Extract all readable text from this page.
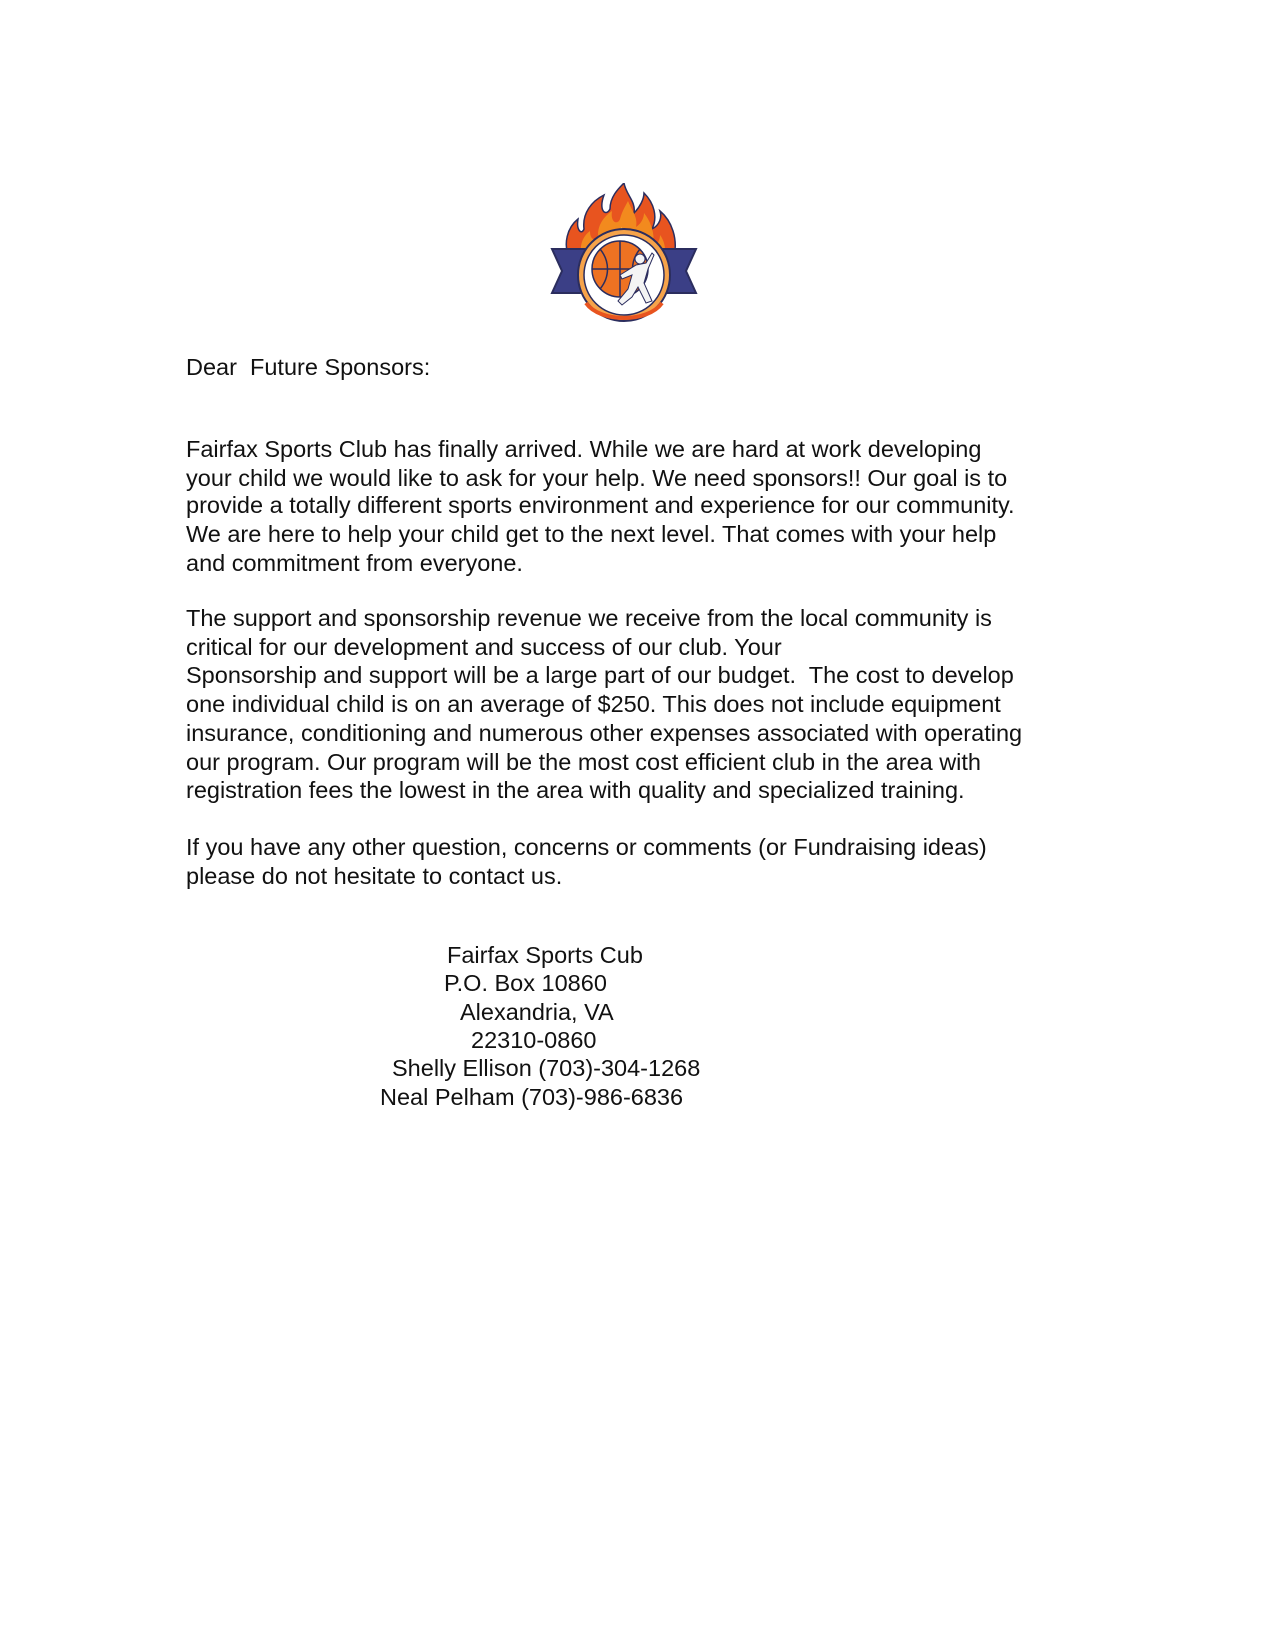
Dear  Future Sponsors:

Fairfax Sports Club has finally arrived. While we are hard at work developing

your child we would like to ask for your help. We need sponsors!! Our goal is to

provide a totally different sports environment and experience for our community.

We are here to help your child get to the next level. That comes with your help

and commitment from everyone.

The support and sponsorship revenue we receive from the local community is

critical for our development and success of our club. Your

Sponsorship and support will be a large part of our budget.  The cost to develop

one individual child is on an average of $250. This does not include equipment

insurance, conditioning and numerous other expenses associated with operating

our program. Our program will be the most cost efficient club in the area with

registration fees the lowest in the area with quality and specialized training.

If you have any other question, concerns or comments (or Fundraising ideas)

please do not hesitate to contact us.

Fairfax Sports Cub

P.O. Box 10860

Alexandria, VA

22310-0860

Shelly Ellison (703)-304-1268

Neal Pelham (703)-986-6836
